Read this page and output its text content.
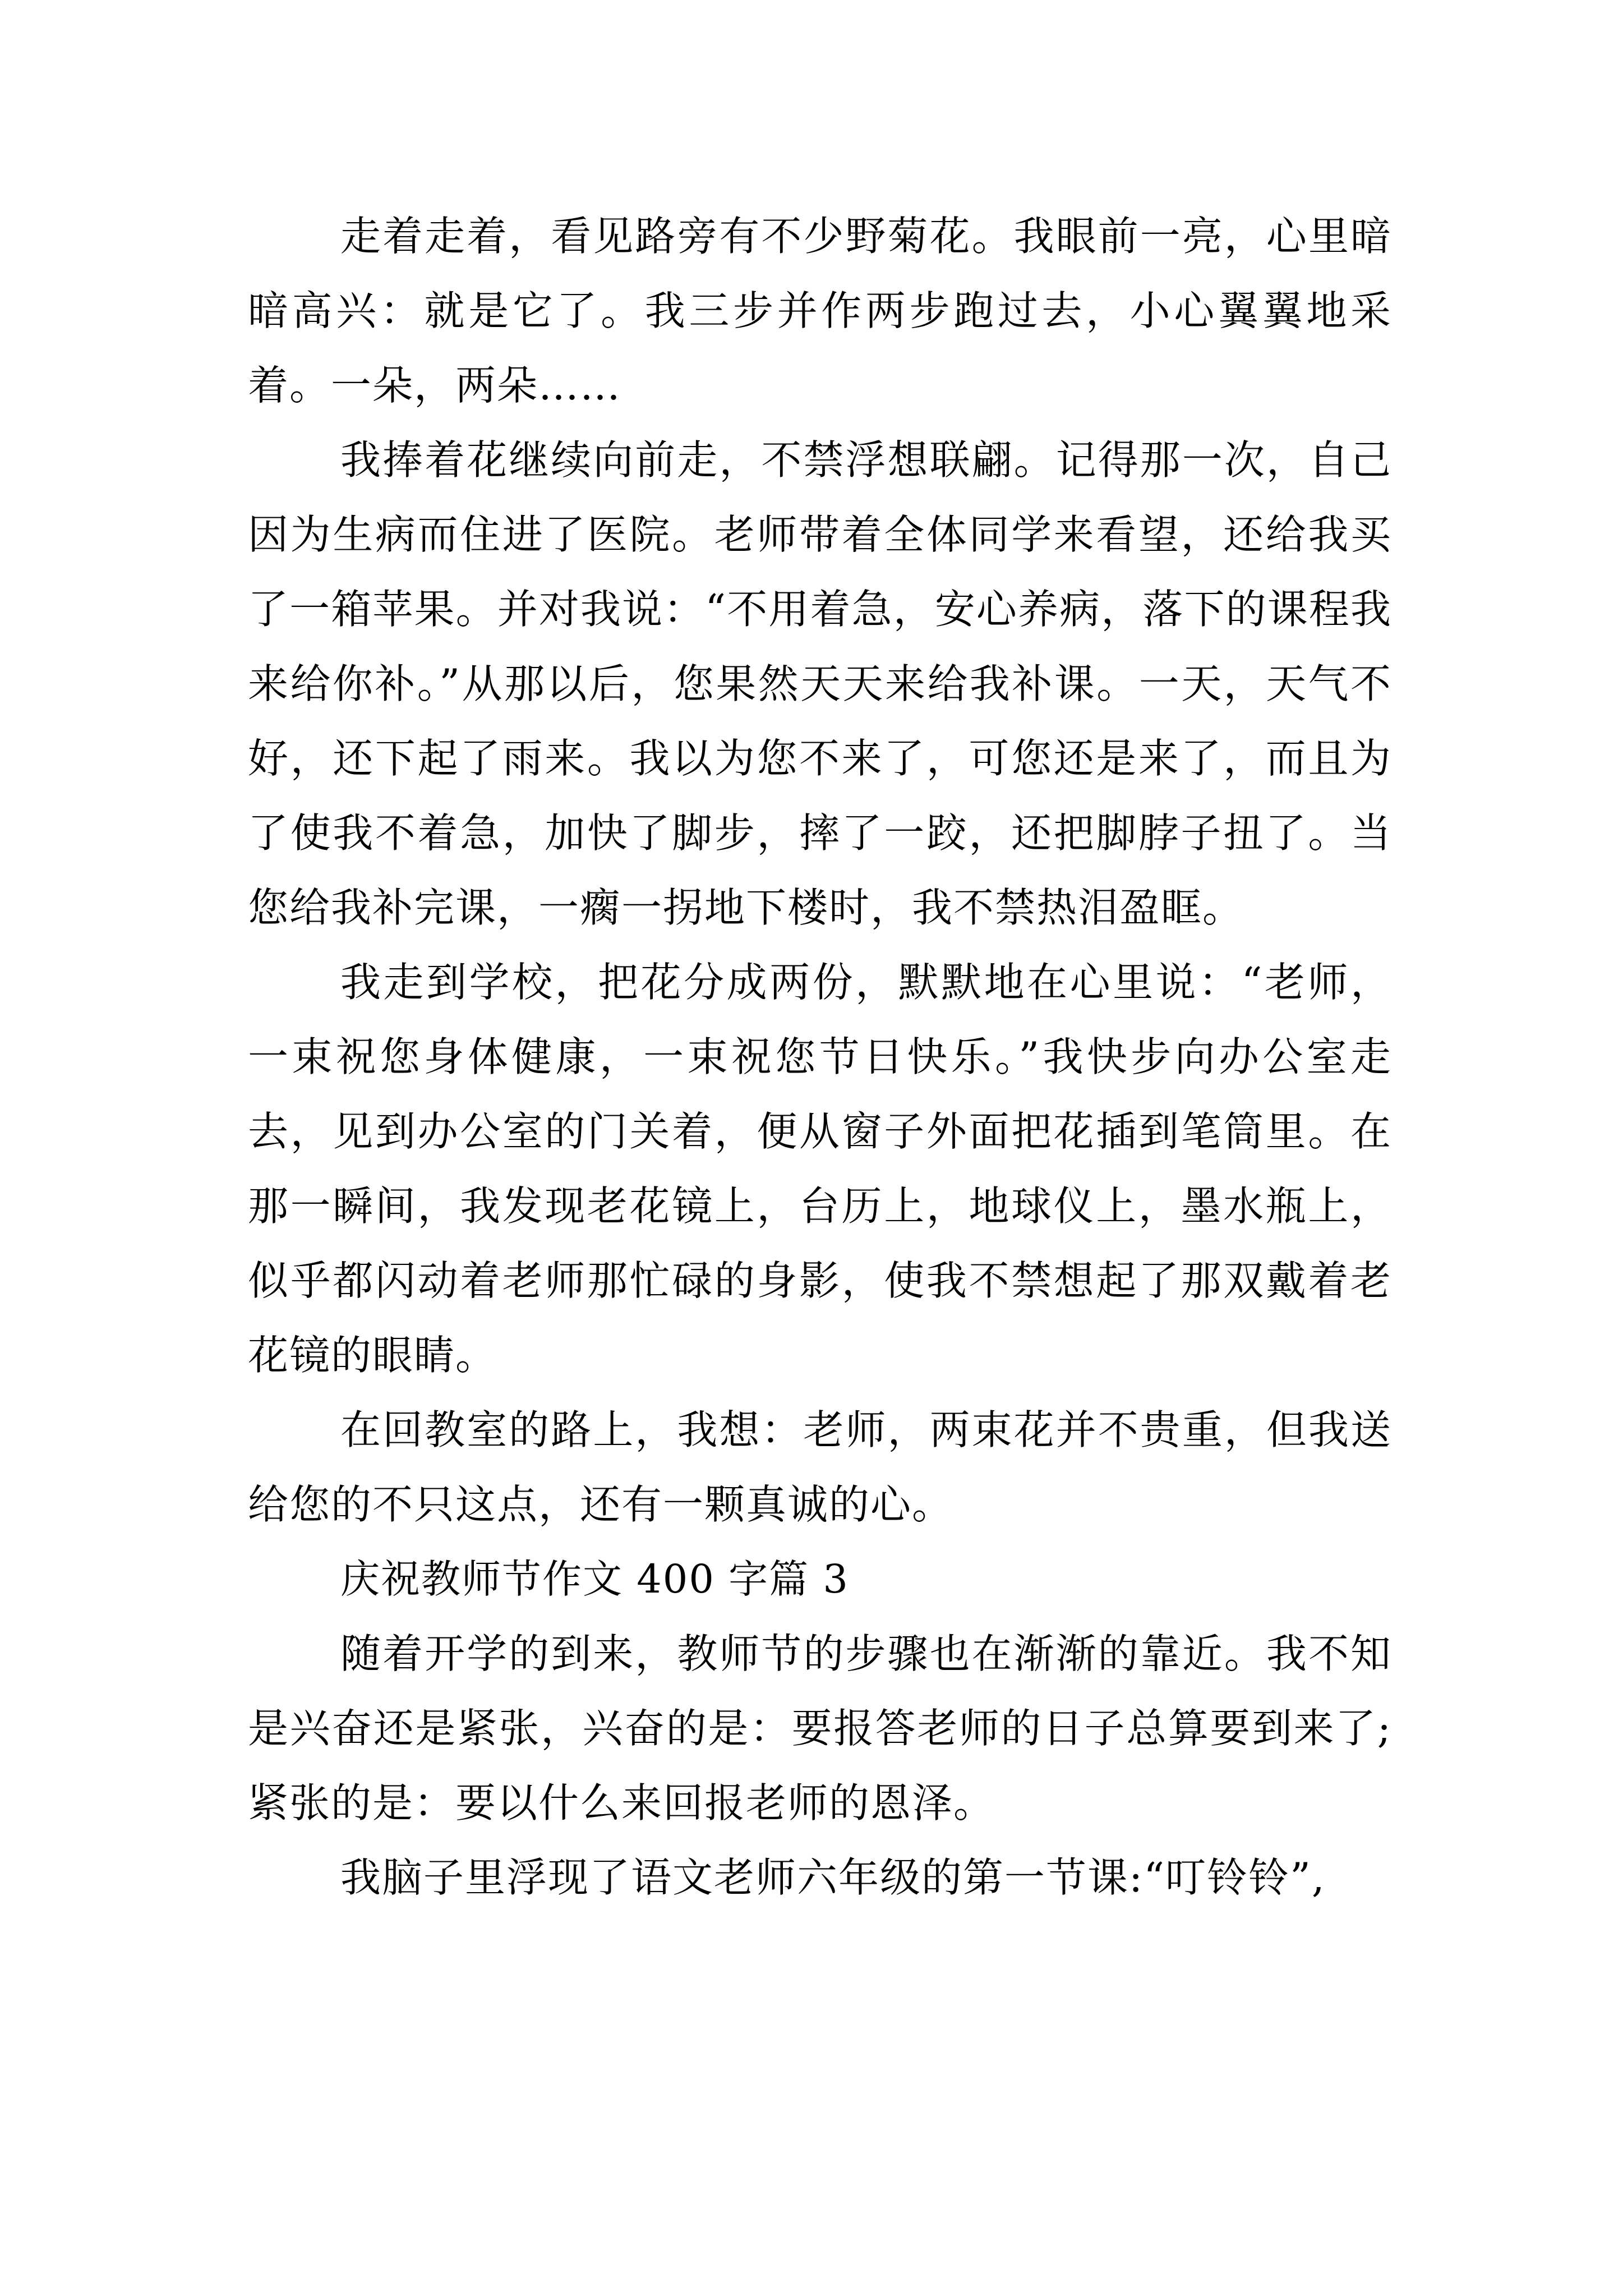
走着走着，看见路旁有不少野菊花。我眼前一亮，心里暗暗高兴：就是它了。我三步并作两步跑过去，小心翼翼地采着。一朵，两朵……

我捧着花继续向前走，不禁浮想联翩。记得那一次，自己因为生病而住进了医院。老师带着全体同学来看望，还给我买了一箱苹果。并对我说：“不用着急，安心养病，落下的课程我来给你补。”从那以后，您果然天天来给我补课。一天，天气不好，还下起了雨来。我以为您不来了，可您还是来了，而且为了使我不着急，加快了脚步，摔了一跤，还把脚脖子扭了。当您给我补完课，一瘸一拐地下楼时，我不禁热泪盈眶。

我走到学校，把花分成两份，默默地在心里说：“老师，一束祝您身体健康，一束祝您节日快乐。”我快步向办公室走去，见到办公室的门关着，便从窗子外面把花插到笔筒里。在那一瞬间，我发现老花镜上，台历上，地球仪上，墨水瓶上，似乎都闪动着老师那忙碌的身影，使我不禁想起了那双戴着老花镜的眼睛。

在回教室的路上，我想：老师，两束花并不贵重，但我送给您的不只这点，还有一颗真诚的心。

庆祝教师节作文 400 字篇 3

随着开学的到来，教师节的步骤也在渐渐的靠近。我不知是兴奋还是紧张，兴奋的是：要报答老师的日子总算要到来了;紧张的是：要以什么来回报老师的恩泽。

我脑子里浮现了语文老师六年级的第一节课:“叮铃铃”,
